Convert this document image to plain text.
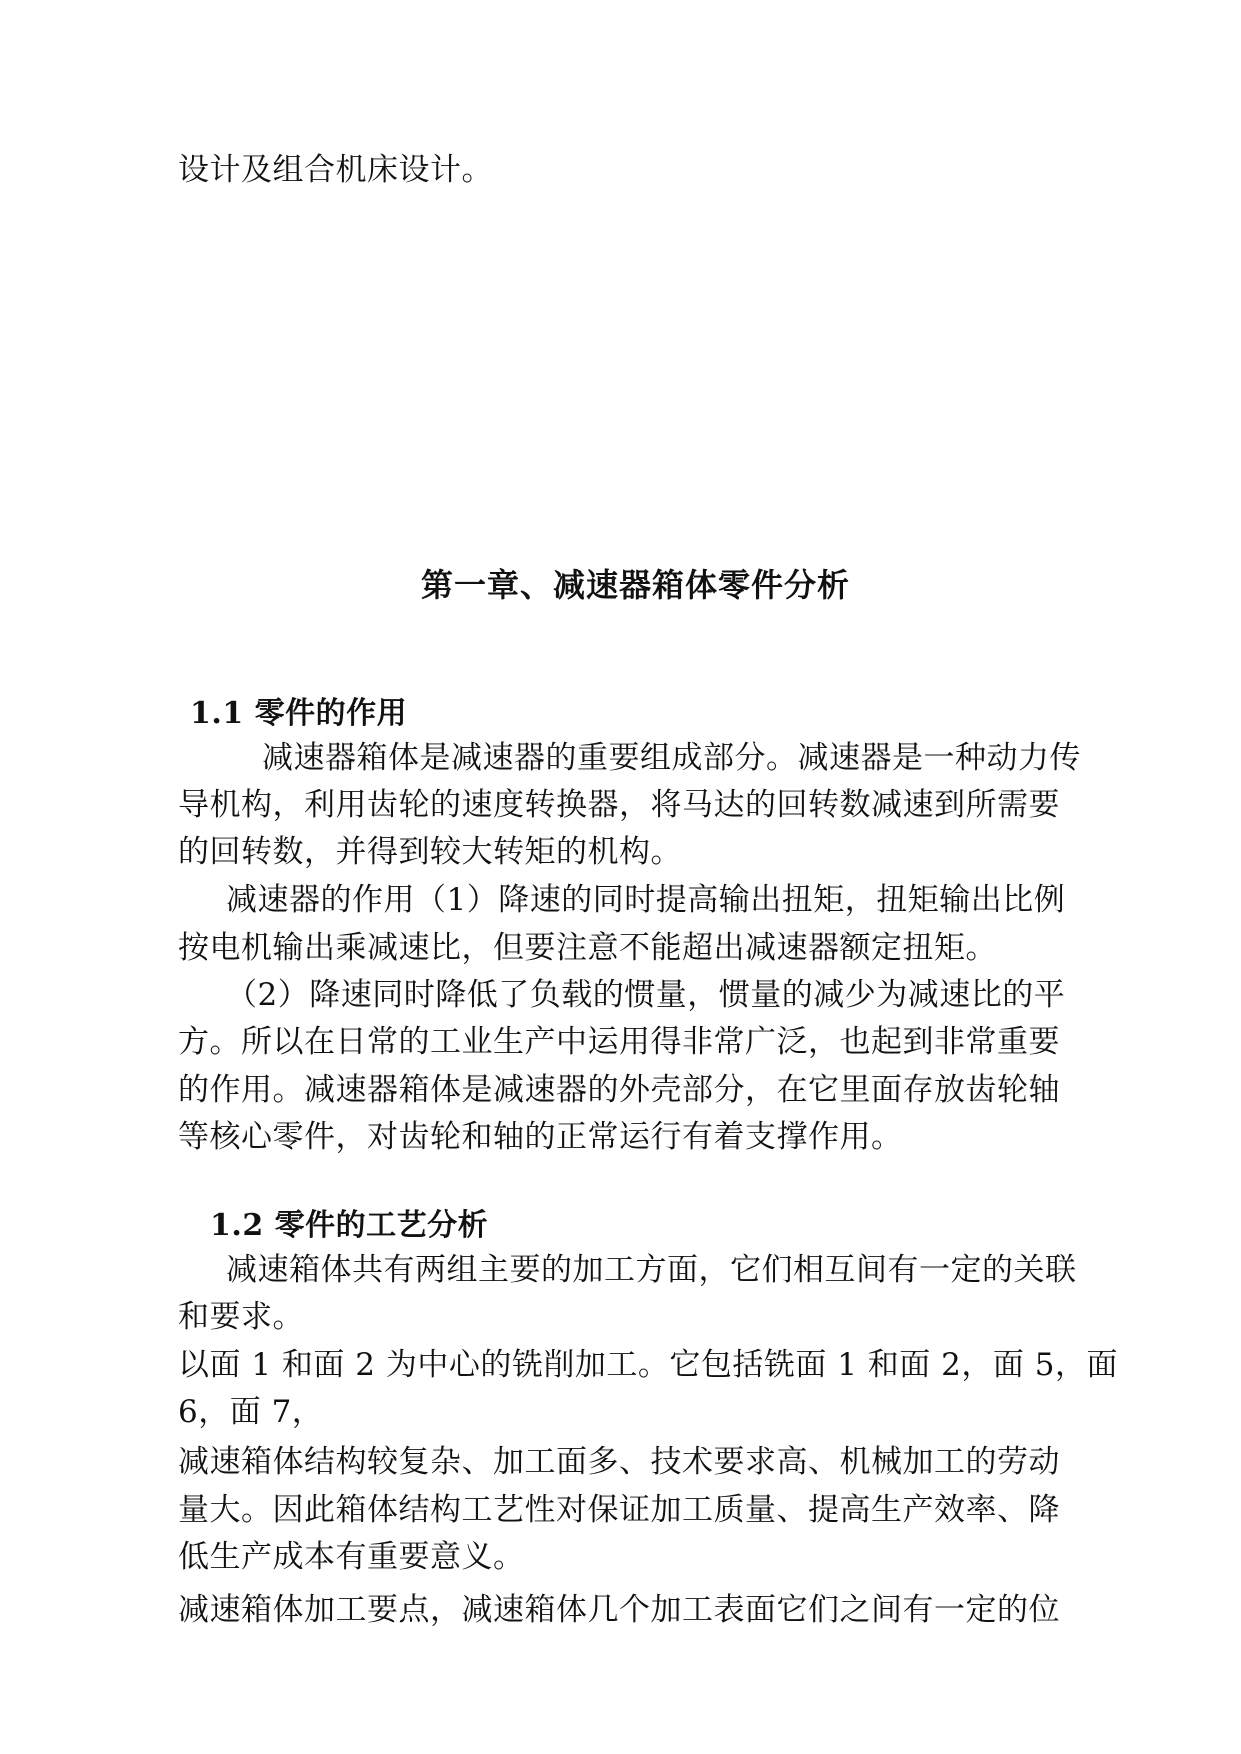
设计及组合机床设计。
第一章、减速器箱体零件分析
1.1 零件的作用
减速器箱体是减速器的重要组成部分。减速器是一种动力传
导机构，利用齿轮的速度转换器，将马达的回转数减速到所需要
的回转数，并得到较大转矩的机构。
减速器的作用（1）降速的同时提高输出扭矩，扭矩输出比例
按电机输出乘减速比，但要注意不能超出减速器额定扭矩。
（2）降速同时降低了负载的惯量，惯量的减少为减速比的平
方。所以在日常的工业生产中运用得非常广泛，也起到非常重要
的作用。减速器箱体是减速器的外壳部分，在它里面存放齿轮轴
等核心零件，对齿轮和轴的正常运行有着支撑作用。
1.2 零件的工艺分析
减速箱体共有两组主要的加工方面，它们相互间有一定的关联
和要求。
以面 1 和面 2 为中心的铣削加工。它包括铣面 1 和面 2，面 5，面
6，面 7，
减速箱体结构较复杂、加工面多、技术要求高、机械加工的劳动
量大。因此箱体结构工艺性对保证加工质量、提高生产效率、降
低生产成本有重要意义。
减速箱体加工要点，减速箱体几个加工表面它们之间有一定的位
